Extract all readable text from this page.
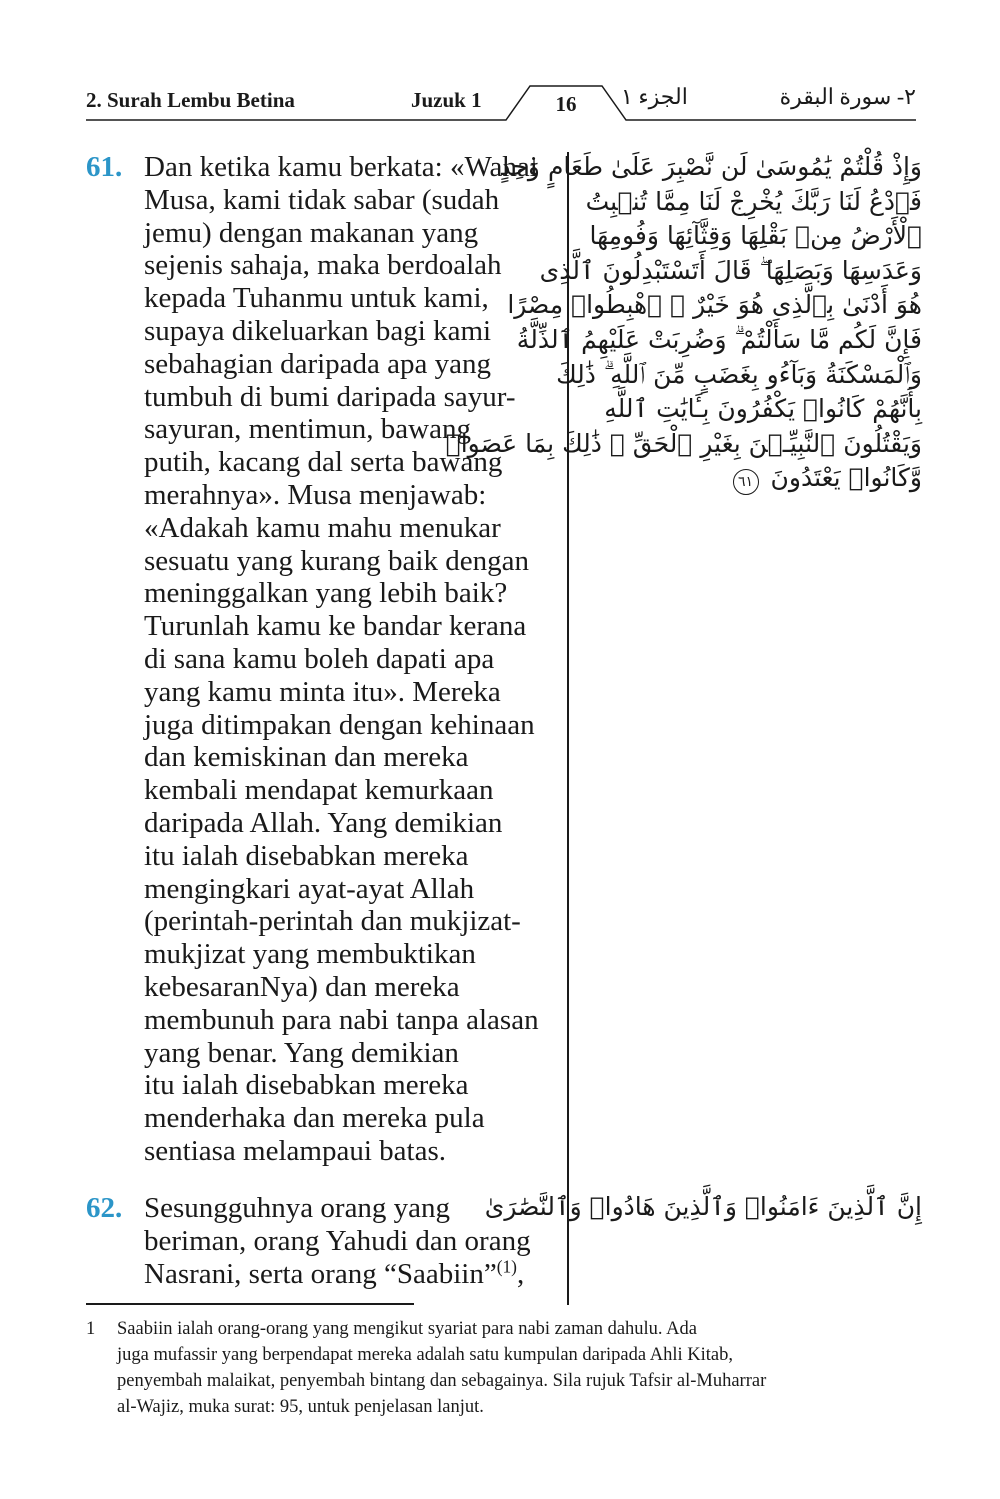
2. Surah Lembu Betina	Juzuk 1	16	الجزء ١	٢- سورة البقرة
61. Dan ketika kamu berkata: «Wahai
Musa, kami tidak sabar (sudah
jemu) dengan makanan yang
sejenis sahaja, maka berdoalah
kepada Tuhanmu untuk kami,
supaya dikeluarkan bagi kami
sebahagian daripada apa yang
tumbuh di bumi daripada sayur-
sayuran, mentimun, bawang
putih, kacang dal serta bawang
merahnya». Musa menjawab:
«Adakah kamu mahu menukar
sesuatu yang kurang baik dengan
meninggalkan yang lebih baik?
Turunlah kamu ke bandar kerana
di sana kamu boleh dapati apa
yang kamu minta itu». Mereka
juga ditimpakan dengan kehinaan
dan kemiskinan dan mereka
kembali mendapat kemurkaan
daripada Allah. Yang demikian
itu ialah disebabkan mereka
mengingkari ayat-ayat Allah
(perintah-perintah dan mukjizat-
mukjizat yang membuktikan
kebesaranNya) dan mereka
membunuh para nabi tanpa alasan
yang benar. Yang demikian
itu ialah disebabkan mereka
menderhaka dan mereka pula
sentiasa melampaui batas.
وَإِذْ قُلْتُمْ يَٰمُوسَىٰ لَن نَّصْبِرَ عَلَىٰ طَعَامٍ وَٰحِدٍ
فَٱدْعُ لَنَا رَبَّكَ يُخْرِجْ لَنَا مِمَّا تُنۢبِتُ
ٱلْأَرْضُ مِنۢ بَقْلِهَا وَقِثَّآئِهَا وَفُومِهَا
وَعَدَسِهَا وَبَصَلِهَا ۖ قَالَ أَتَسْتَبْدِلُونَ ٱلَّذِى
هُوَ أَدْنَىٰ بِٱلَّذِى هُوَ خَيْرٌ ۚ ٱهْبِطُوا۟ مِصْرًا
فَإِنَّ لَكُم مَّا سَأَلْتُمْ ۗ وَضُرِبَتْ عَلَيْهِمُ ٱلذِّلَّةُ
وَٱلْمَسْكَنَةُ وَبَآءُو بِغَضَبٍ مِّنَ ٱللَّهِ ۗ ذَٰلِكَ
بِأَنَّهُمْ كَانُوا۟ يَكْفُرُونَ بِـَٔايَٰتِ ٱللَّهِ
وَيَقْتُلُونَ ٱلنَّبِيِّـۧنَ بِغَيْرِ ٱلْحَقِّ ۗ ذَٰلِكَ بِمَا عَصَوا۟
وَّكَانُوا۟ يَعْتَدُونَ ٦١
62. Sesungguhnya orang yang
beriman, orang Yahudi dan orang
Nasrani, serta orang “Saabiin”$^{(1)}$,
إِنَّ ٱلَّذِينَ ءَامَنُوا۟ وَٱلَّذِينَ هَادُوا۟ وَٱلنَّصَٰرَىٰ
1 Saabiin ialah orang-orang yang mengikut syariat para nabi zaman dahulu. Ada
juga mufassir yang berpendapat mereka adalah satu kumpulan daripada Ahli Kitab,
penyembah malaikat, penyembah bintang dan sebagainya. Sila rujuk Tafsir al-Muharrar
al-Wajiz, muka surat: 95, untuk penjelasan lanjut.
